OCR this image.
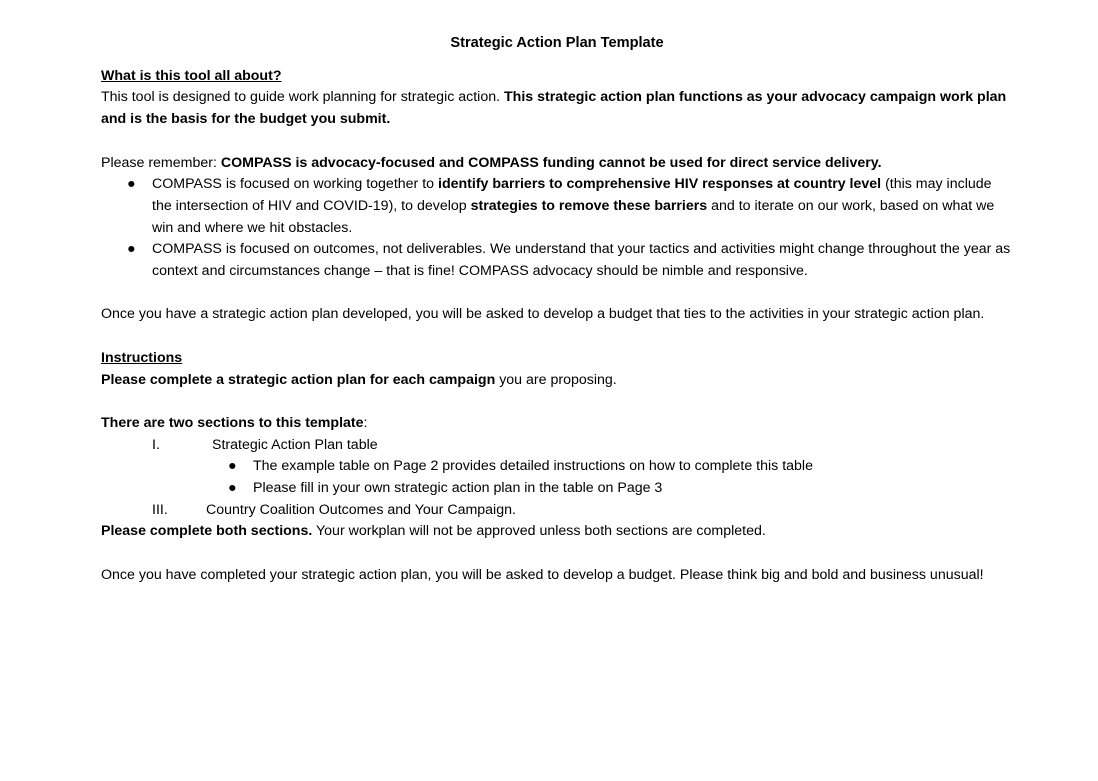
Strategic Action Plan Template

What is this tool all about?

This tool is designed to guide work planning for strategic action. This strategic action plan functions as your advocacy campaign work plan and is the basis for the budget you submit.

Please remember: COMPASS is advocacy-focused and COMPASS funding cannot be used for direct service delivery.

● COMPASS is focused on working together to identify barriers to comprehensive HIV responses at country level (this may include the intersection of HIV and COVID-19), to develop strategies to remove these barriers and to iterate on our work, based on what we win and where we hit obstacles.
● COMPASS is focused on outcomes, not deliverables. We understand that your tactics and activities might change throughout the year as context and circumstances change – that is fine! COMPASS advocacy should be nimble and responsive.

Once you have a strategic action plan developed, you will be asked to develop a budget that ties to the activities in your strategic action plan.

Instructions

Please complete a strategic action plan for each campaign you are proposing.

There are two sections to this template:

I.	Strategic Action Plan table
● The example table on Page 2 provides detailed instructions on how to complete this table
● Please fill in your own strategic action plan in the table on Page 3
III.	Country Coalition Outcomes and Your Campaign.

Please complete both sections. Your workplan will not be approved unless both sections are completed.

Once you have completed your strategic action plan, you will be asked to develop a budget. Please think big and bold and business unusual!
